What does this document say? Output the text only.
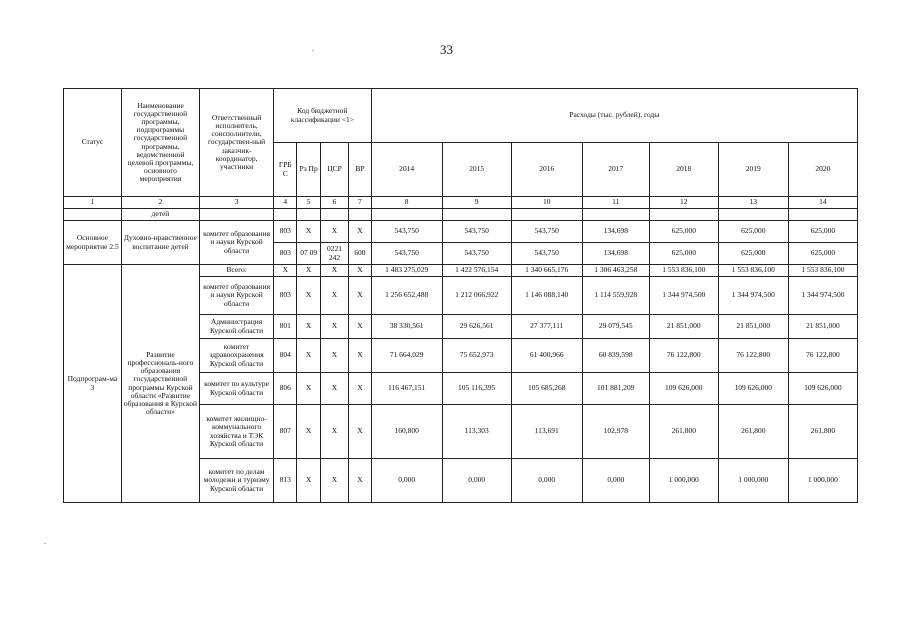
33
.
.
Статус	Наименование государственной программы, подпрограммы государственной программы, ведомственной целевой программы, основного мероприятия	Ответственный исполнитель, соисполнители, государствен-ный заказчик-координатор, участники	Код бюджетной классификации <1>				Расходы (тыс. рублей), годы						
			ГРБ С	Рз Пр	ЦСР	ВР	2014	2015	2016	2017	2018	2019	2020
1	2	3	4	5	6	7	8	9	10	11	12	13	14
	детей												
Основное мероприятие 2.5	Духовно-нравственное воспитание детей	комитет образования и науки Курской области	803	X	X	X	543,750	543,750	543,750	134,698	625,000	625,000	625,000
			803	07 09	0221 242	600	543,750	543,750	543,750	134,698	625,000	625,000	625,000
Подпрограм-ма 3	Развитие профессиональ-ного образования государственной программы Курской области «Развитие образования в Курской области»	Всего:	X	X	X	X	1 483 275,029	1 422 576,154	1 340 665,176	1 306 463,258	1 553 836,100	1 553 836,100	1 553 836,100
		комитет образования и науки Курской области	803	X	X	X	1 256 652,488	1 212 066,922	1 146 088,140	1 114 559,928	1 344 974,500	1 344 974,500	1 344 974,500
		Администрация Курской области	801	X	X	X	38 330,561	29 626,561	27 377,111	29 079,545	21 851,000	21 851,000	21 851,000
		комитет здравоохранения Курской области	804	X	X	X	71 664,029	75 652,973	61 400,966	60 839,598	76 122,800	76 122,800	76 122,800
		комитет по культуре Курской области	806	X	X	X	116 467,151	105 116,395	105 685,268	101 881,209	109 626,000	109 626,000	109 626,000
		комитет жилищно-коммунального хозяйства и ТЭК Курской области	807	X	X	X	160,800	113,303	113,691	102,978	261,800	261,800	261,800
		комитет по делам молодежи и туризму Курской области	813	X	X	X	0,000	0,000	0,000	0,000	1 000,000	1 000,000	1 000,000
